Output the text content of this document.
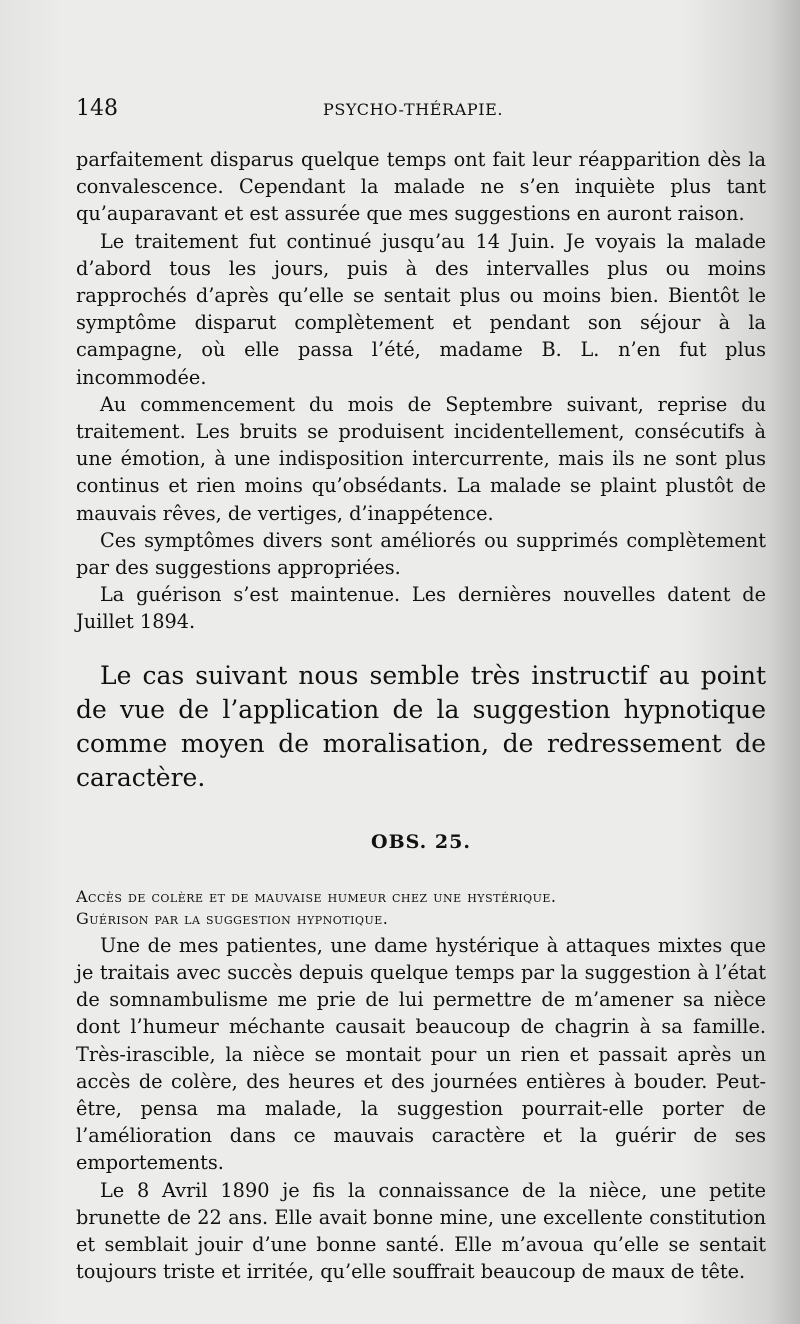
148	PSYCHO-THÉRAPIE.

parfaitement disparus quelque temps ont fait leur réapparition dès la convalescence. Cependant la malade ne s’en inquiète plus tant qu’auparavant et est assurée que mes suggestions en auront raison.

Le traitement fut continué jusqu’au 14 Juin. Je voyais la malade d’abord tous les jours, puis à des intervalles plus ou moins rapprochés d’après qu’elle se sentait plus ou moins bien. Bientôt le symptôme disparut complètement et pendant son séjour à la campagne, où elle passa l’été, madame B. L. n’en fut plus incommodée.

Au commencement du mois de Septembre suivant, reprise du traitement. Les bruits se produisent incidentellement, consécutifs à une émotion, à une indisposition intercurrente, mais ils ne sont plus continus et rien moins qu’obsédants. La malade se plaint plustôt de mauvais rêves, de vertiges, d’inappétence.

Ces symptômes divers sont améliorés ou supprimés complètement par des suggestions appropriées.

La guérison s’est maintenue. Les dernières nouvelles datent de Juillet 1894.

Le cas suivant nous semble très instructif au point de vue de l’application de la suggestion hypnotique comme moyen de moralisation, de redressement de caractère.

OBS. 25.

Accès de colère et de mauvaise humeur chez une hystérique.
Guérison par la suggestion hypnotique.

Une de mes patientes, une dame hystérique à attaques mixtes que je traitais avec succès depuis quelque temps par la suggestion à l’état de somnambulisme me prie de lui permettre de m’amener sa nièce dont l’humeur méchante causait beaucoup de chagrin à sa famille. Très-irascible, la nièce se montait pour un rien et passait après un accès de colère, des heures et des journées entières à bouder. Peut-être, pensa ma malade, la suggestion pourrait-elle porter de l’amélioration dans ce mauvais caractère et la guérir de ses emportements.

Le 8 Avril 1890 je fis la connaissance de la nièce, une petite brunette de 22 ans. Elle avait bonne mine, une excellente constitution et semblait jouir d’une bonne santé. Elle m’avoua qu’elle se sentait toujours triste et irritée, qu’elle souffrait beaucoup de maux de tête.
